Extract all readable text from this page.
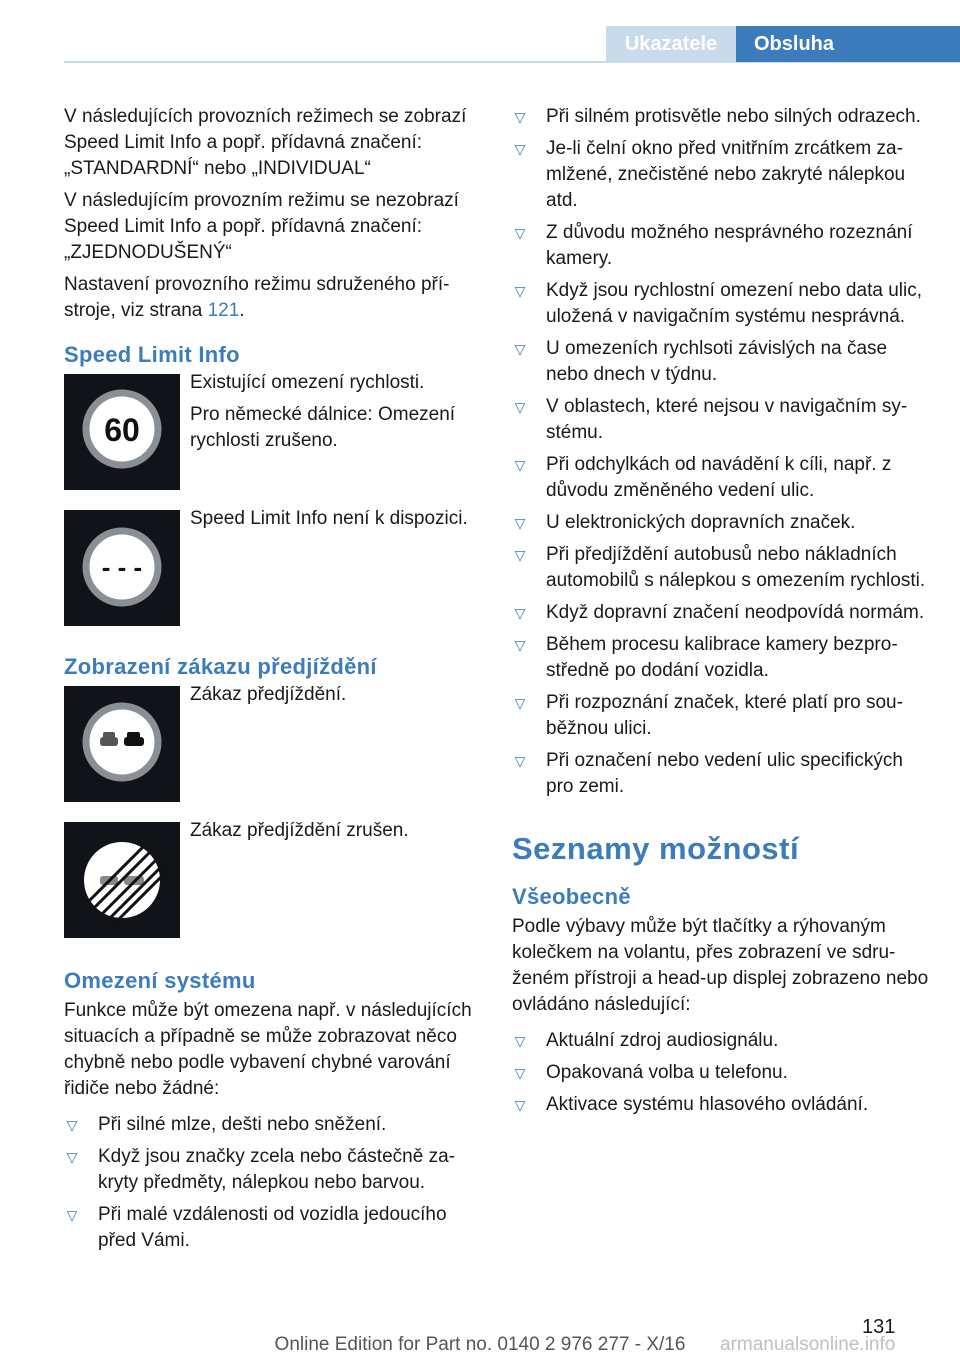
Ukazatele	Obsluha

V následujících provozních režimech se zobrazí Speed Limit Info a popř. přídavná značení: „STANDARDNÍ“ nebo „INDIVIDUAL“

V následujícím provozním režimu se nezobrazí Speed Limit Info a popř. přídavná značení: „ZJEDNODUŠENÝ“

Nastavení provozního režimu sdruženého přístroje, viz strana 121.

Speed Limit Info
60

Existující omezení rychlosti.

Pro německé dálnice: Omezení rychlosti zrušeno.

- - -

Speed Limit Info není k dispozici.

Zobrazení zákazu předjíždění

Zákaz předjíždění.

Zákaz předjíždění zrušen.

Omezení systému

Funkce může být omezena např. v následujících situacích a případně se může zobrazovat něco chybně nebo podle vybavení chybné varování řidiče nebo žádné:

▽ Při silné mlze, dešti nebo sněžení.
▽ Když jsou značky zcela nebo částečně zakryty předměty, nálepkou nebo barvou.
▽ Při malé vzdálenosti od vozidla jedoucího před Vámi.
▽ Při silném protisvětle nebo silných odrazech.
▽ Je-li čelní okno před vnitřním zrcátkem zamlžené, znečistěné nebo zakryté nálepkou atd.
▽ Z důvodu možného nesprávného rozeznání kamery.
▽ Když jsou rychlostní omezení nebo data ulic, uložená v navigačním systému nesprávná.
▽ U omezeních rychlsoti závislých na čase nebo dnech v týdnu.
▽ V oblastech, které nejsou v navigačním systému.
▽ Při odchylkách od navádění k cíli, např. z důvodu změněného vedení ulic.
▽ U elektronických dopravních značek.
▽ Při předjíždění autobusů nebo nákladních automobilů s nálepkou s omezením rychlosti.
▽ Když dopravní značení neodpovídá normám.
▽ Během procesu kalibrace kamery bezprostředně po dodání vozidla.
▽ Při rozpoznání značek, které platí pro souběžnou ulici.
▽ Při označení nebo vedení ulic specifických pro zemi.
Seznamy možností
Všeobecně

Podle výbavy může být tlačítky a rýhovaným kolečkem na volantu, přes zobrazení ve sdruženém přístroji a head-up displej zobrazeno nebo ovládáno následující:

▽ Aktuální zdroj audiosignálu.
▽ Opakovaná volba u telefonu.
▽ Aktivace systému hlasového ovládání.
131
Online Edition for Part no. 0140 2 976 277 - X/16	armanualsonline.info
